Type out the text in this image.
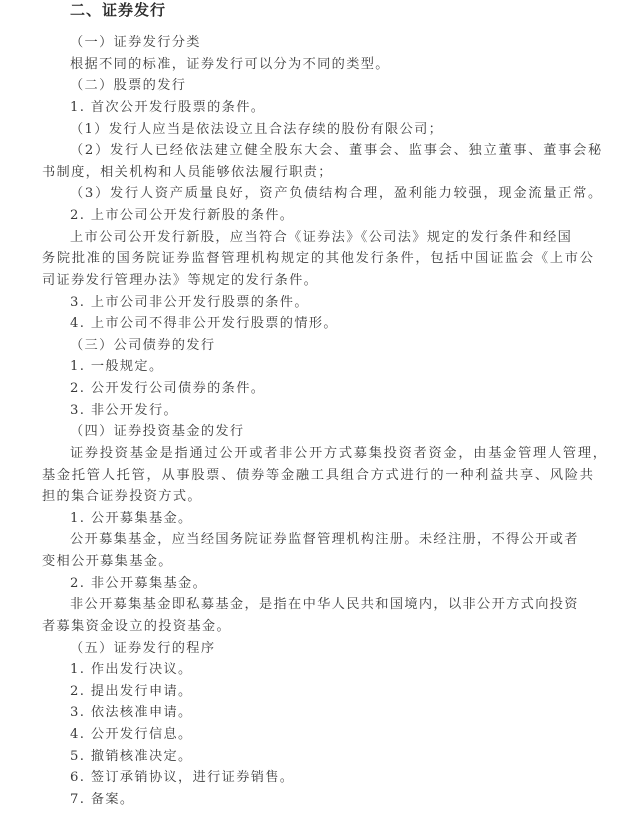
二、证券发行
（一）证券发行分类
根据不同的标准，证券发行可以分为不同的类型。
（二）股票的发行
1. 首次公开发行股票的条件。
（1）发行人应当是依法设立且合法存续的股份有限公司；
（2）发行人已经依法建立健全股东大会、董事会、监事会、独立董事、董事会秘
书制度，相关机构和人员能够依法履行职责；
（3）发行人资产质量良好，资产负债结构合理，盈利能力较强，现金流量正常。
2. 上市公司公开发行新股的条件。
上市公司公开发行新股，应当符合《证券法》《公司法》规定的发行条件和经国
务院批准的国务院证券监督管理机构规定的其他发行条件，包括中国证监会《上市公
司证券发行管理办法》等规定的发行条件。
3. 上市公司非公开发行股票的条件。
4. 上市公司不得非公开发行股票的情形。
（三）公司债券的发行
1. 一般规定。
2. 公开发行公司债券的条件。
3. 非公开发行。
（四）证券投资基金的发行
证券投资基金是指通过公开或者非公开方式募集投资者资金，由基金管理人管理，
基金托管人托管，从事股票、债券等金融工具组合方式进行的一种利益共享、风险共
担的集合证券投资方式。
1. 公开募集基金。
公开募集基金，应当经国务院证券监督管理机构注册。未经注册，不得公开或者
变相公开募集基金。
2. 非公开募集基金。
非公开募集基金即私募基金，是指在中华人民共和国境内，以非公开方式向投资
者募集资金设立的投资基金。
（五）证券发行的程序
1. 作出发行决议。
2. 提出发行申请。
3. 依法核准申请。
4. 公开发行信息。
5. 撤销核准决定。
6. 签订承销协议，进行证券销售。
7. 备案。
